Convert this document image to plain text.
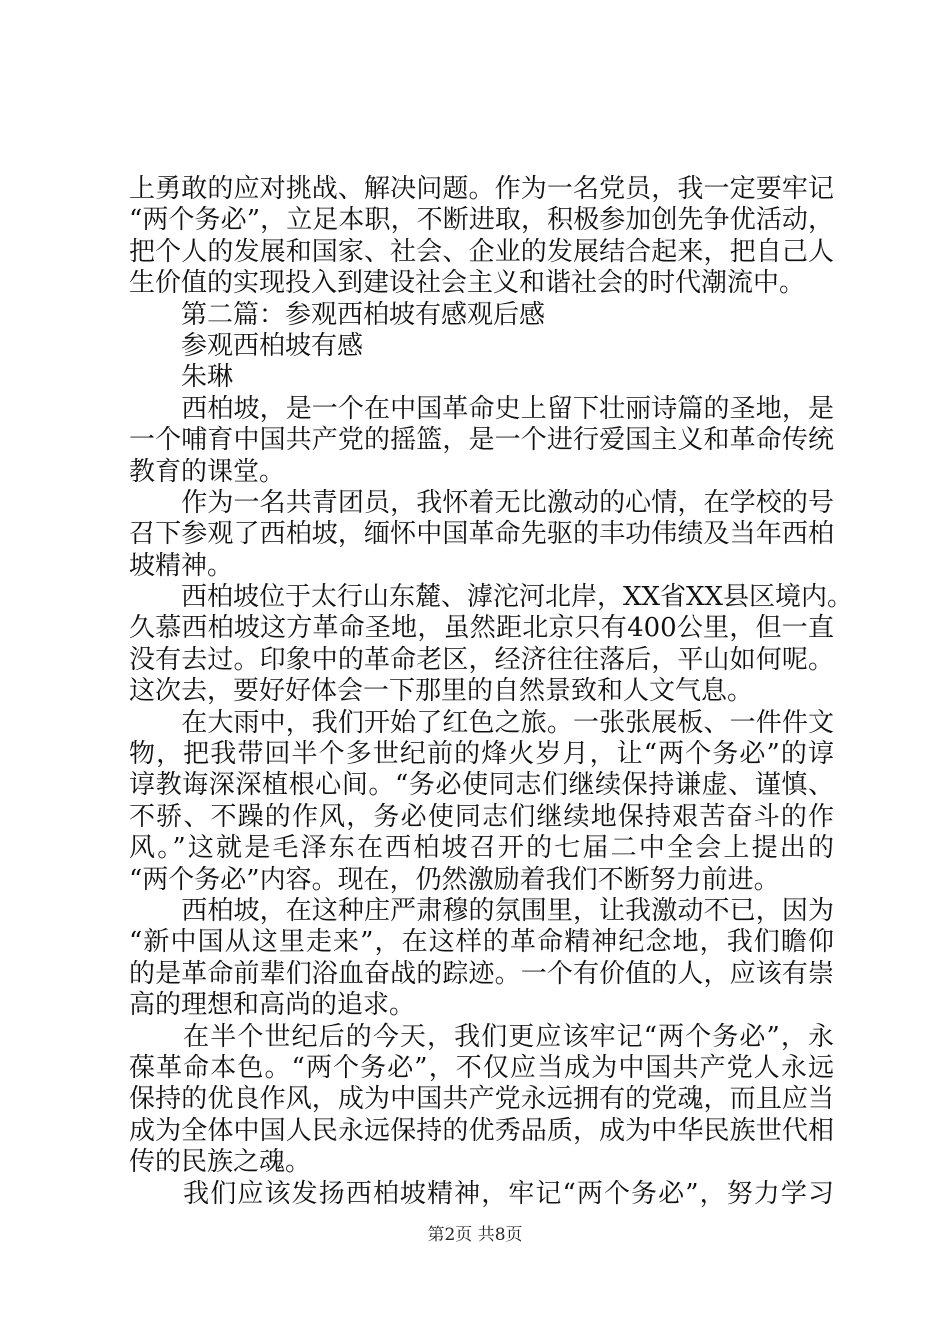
上勇敢的应对挑战、解决问题。作为一名党员，我一定要牢记
“两个务必”，立足本职，不断进取，积极参加创先争优活动，
把个人的发展和国家、社会、企业的发展结合起来，把自己人
生价值的实现投入到建设社会主义和谐社会的时代潮流中。
　　第二篇：参观西柏坡有感观后感
　　参观西柏坡有感
　　朱琳
　　西柏坡，是一个在中国革命史上留下壮丽诗篇的圣地，是
一个哺育中国共产党的摇篮，是一个进行爱国主义和革命传统
教育的课堂。
　　作为一名共青团员，我怀着无比激动的心情，在学校的号
召下参观了西柏坡，缅怀中国革命先驱的丰功伟绩及当年西柏
坡精神。
　　西柏坡位于太行山东麓、滹沱河北岸，XX省XX县区境内。
久慕西柏坡这方革命圣地，虽然距北京只有400公里，但一直
没有去过。印象中的革命老区，经济往往落后，平山如何呢。
这次去，要好好体会一下那里的自然景致和人文气息。
　　在大雨中，我们开始了红色之旅。一张张展板、一件件文
物，把我带回半个多世纪前的烽火岁月，让“两个务必”的谆
谆教诲深深植根心间。“务必使同志们继续保持谦虚、谨慎、
不骄、不躁的作风，务必使同志们继续地保持艰苦奋斗的作
风。”这就是毛泽东在西柏坡召开的七届二中全会上提出的
“两个务必”内容。现在，仍然激励着我们不断努力前进。
　　西柏坡，在这种庄严肃穆的氛围里，让我激动不已，因为
“新中国从这里走来”，在这样的革命精神纪念地，我们瞻仰
的是革命前辈们浴血奋战的踪迹。一个有价值的人，应该有崇
高的理想和高尚的追求。
　　在半个世纪后的今天，我们更应该牢记“两个务必”，永
葆革命本色。“两个务必”，不仅应当成为中国共产党人永远
保持的优良作风，成为中国共产党永远拥有的党魂，而且应当
成为全体中国人民永远保持的优秀品质，成为中华民族世代相
传的民族之魂。
　　我们应该发扬西柏坡精神，牢记“两个务必”，努力学习
第2页 共8页
